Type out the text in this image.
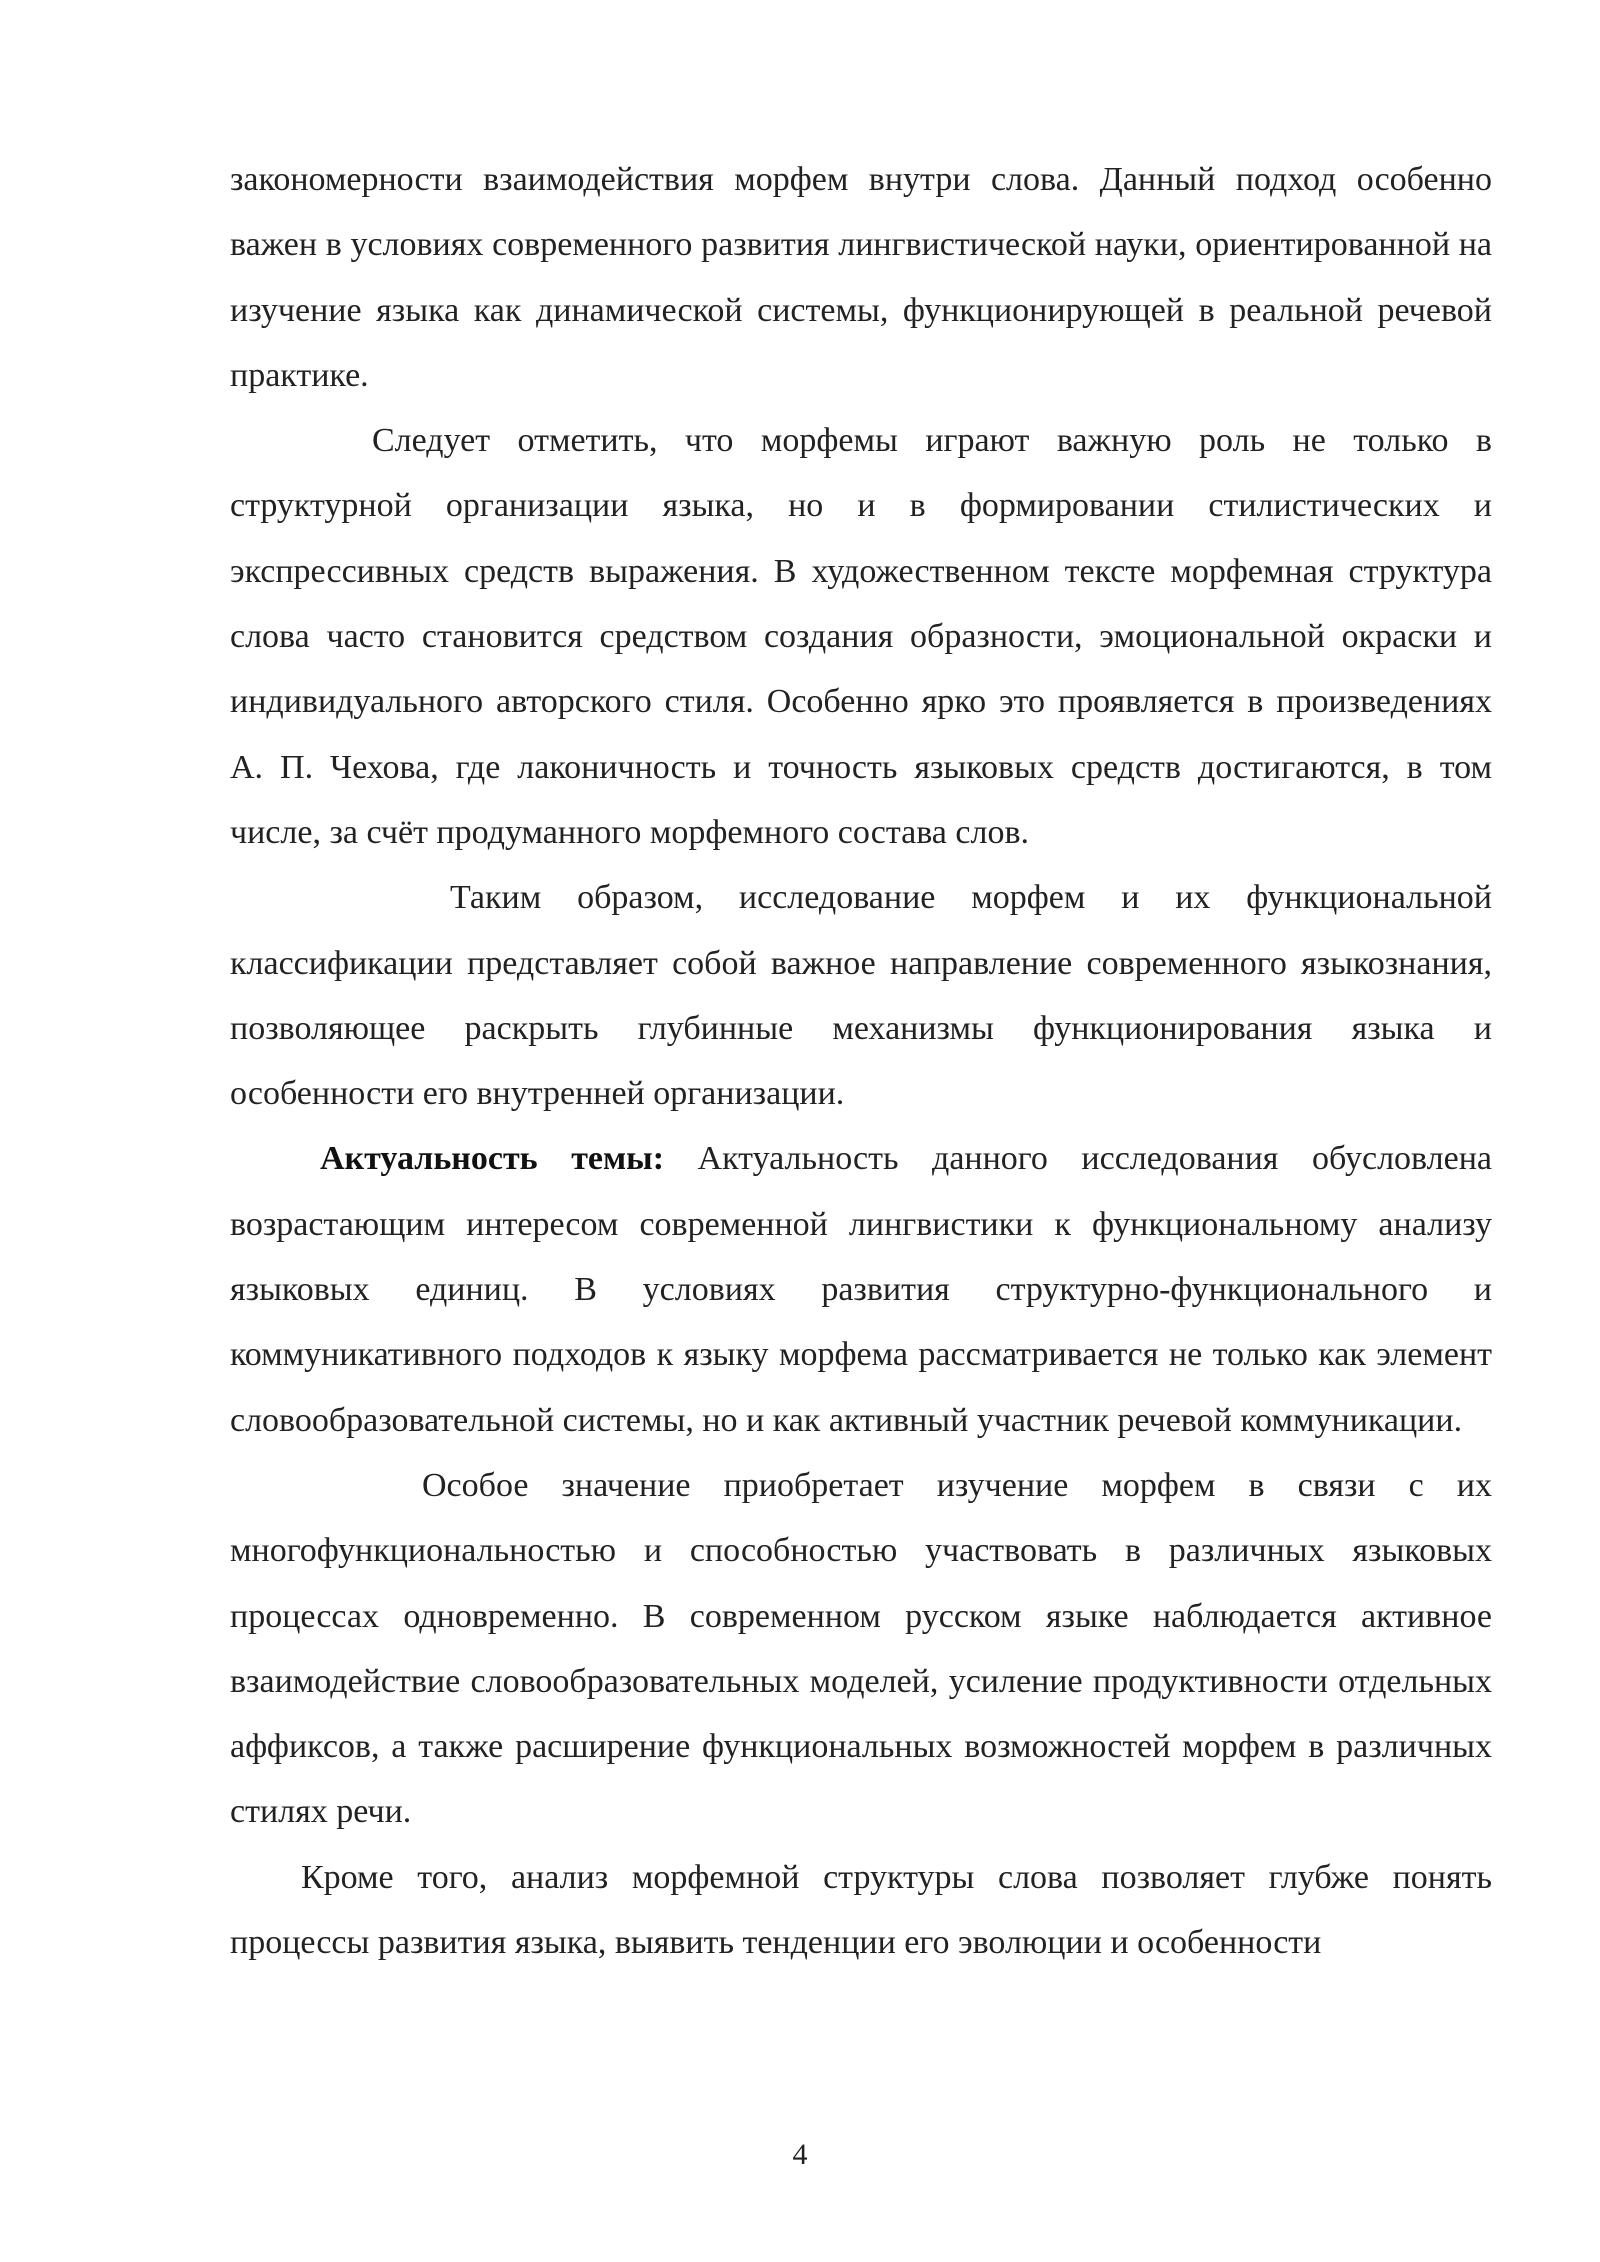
закономерности взаимодействия морфем внутри слова. Данный подход особенно важен в условиях современного развития лингвистической науки, ориентированной на изучение языка как динамической системы, функционирующей в реальной речевой практике.

Следует отметить, что морфемы играют важную роль не только в структурной организации языка, но и в формировании стилистических и экспрессивных средств выражения. В художественном тексте морфемная структура слова часто становится средством создания образности, эмоциональной окраски и индивидуального авторского стиля. Особенно ярко это проявляется в произведениях А. П. Чехова, где лаконичность и точность языковых средств достигаются, в том числе, за счёт продуманного морфемного состава слов.

Таким образом, исследование морфем и их функциональной классификации представляет собой важное направление современного языкознания, позволяющее раскрыть глубинные механизмы функционирования языка и особенности его внутренней организации.

Актуальность темы: Актуальность данного исследования обусловлена возрастающим интересом современной лингвистики к функциональному анализу языковых единиц. В условиях развития структурно-функционального и коммуникативного подходов к языку морфема рассматривается не только как элемент словообразовательной системы, но и как активный участник речевой коммуникации.

Особое значение приобретает изучение морфем в связи с их многофункциональностью и способностью участвовать в различных языковых процессах одновременно. В современном русском языке наблюдается активное взаимодействие словообразовательных моделей, усиление продуктивности отдельных аффиксов, а также расширение функциональных возможностей морфем в различных стилях речи.

Кроме того, анализ морфемной структуры слова позволяет глубже понять процессы развития языка, выявить тенденции его эволюции и особенности

4
